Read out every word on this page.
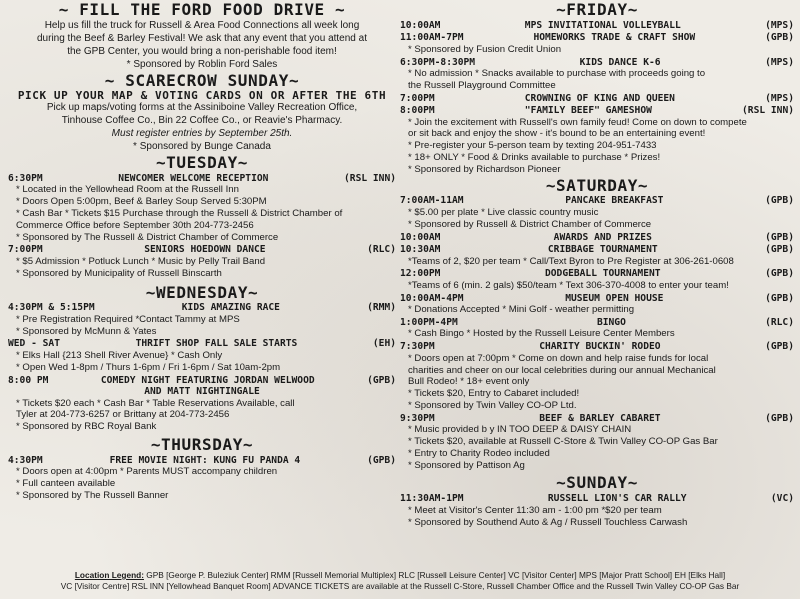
~ FILL THE FORD FOOD DRIVE ~
Help us fill the truck for Russell & Area Food Connections all week long
during the Beef & Barley Festival! We ask that any event that you attend at
the GPB Center, you would bring a non-perishable food item!
* Sponsored by Roblin Ford Sales
~ SCARECROW SUNDAY~
PICK UP YOUR MAP & VOTING CARDS ON OR AFTER THE 6TH
Pick up maps/voting forms at the Assiniboine Valley Recreation Office,
Tinhouse Coffee Co., Bin 22 Coffee Co., or Reavie's Pharmacy.
Must register entries by September 25th.
* Sponsored by Bunge Canada
~TUESDAY~
6:30PM	NEWCOMER WELCOME RECEPTION	(RSL INN)
* Located in the Yellowhead Room at the Russell Inn
* Doors Open 5:00pm, Beef & Barley Soup Served 5:30PM
* Cash Bar * Tickets $15 Purchase through the Russell & District Chamber of
Commerce Office before September 30th 204-773-2456
* Sponsored by The Russell & District Chamber of Commerce
7:00PM	SENIORS HOEDOWN DANCE	(RLC)
* $5 Admission * Potluck Lunch * Music by Pelly Trail Band
* Sponsored by Municipality of Russell Binscarth
~WEDNESDAY~
4:30PM & 5:15PM	KIDS AMAZING RACE	(RMM)
* Pre Registration Required *Contact Tammy at MPS
* Sponsored by McMunn & Yates
WED - SAT	THRIFT SHOP FALL SALE STARTS	(EH)
* Elks Hall {213 Shell River Avenue} * Cash Only
* Open Wed 1-8pm / Thurs 1-6pm / Fri 1-6pm / Sat 10am-2pm
8:00 PM	COMEDY NIGHT FEATURING JORDAN WELWOOD	(GPB)
AND MATT NIGHTINGALE
* Tickets $20 each * Cash Bar * Table Reservations Available, call
Tyler at 204-773-6257 or Brittany at 204-773-2456
* Sponsored by RBC Royal Bank
~THURSDAY~
4:30PM	FREE MOVIE NIGHT: KUNG FU PANDA 4	(GPB)
* Doors open at 4:00pm * Parents MUST accompany children
* Full canteen available
* Sponsored by The Russell Banner
~FRIDAY~
10:00AM	MPS INVITATIONAL VOLLEYBALL	(MPS)
11:00AM-7PM	HOMEWORKS TRADE & CRAFT SHOW	(GPB)
* Sponsored by Fusion Credit Union
6:30PM-8:30PM	KIDS DANCE K-6	(MPS)
* No admission * Snacks available to purchase with proceeds going to
the Russell Playground Committee
7:00PM	CROWNING OF KING AND QUEEN	(MPS)
8:00PM	"FAMILY BEEF" GAMESHOW	(RSL INN)
* Join the excitement with Russell's own family feud! Come on down to compete
or sit back and enjoy the show - it's bound to be an entertaining event!
* Pre-register your 5-person team by texting 204-951-7433
* 18+ ONLY * Food & Drinks available to purchase * Prizes!
* Sponsored by Richardson Pioneer
~SATURDAY~
7:00AM-11AM	PANCAKE BREAKFAST	(GPB)
* $5.00 per plate * Live classic country music
* Sponsored by Russell & District Chamber of Commerce
10:00AM	AWARDS AND PRIZES	(GPB)
10:30AM	CRIBBAGE TOURNAMENT	(GPB)
*Teams of 2, $20 per team * Call/Text Byron to Pre Register at 306-261-0608
12:00PM	DODGEBALL TOURNAMENT	(GPB)
*Teams of 6 (min. 2 gals) $50/team * Text 306-370-4008 to enter your team!
10:00AM-4PM	MUSEUM OPEN HOUSE	(GPB)
* Donations Accepted * Mini Golf - weather permitting
1:00PM-4PM	BINGO	(RLC)
* Cash Bingo * Hosted by the Russell Leisure Center Members
7:30PM	CHARITY BUCKIN' RODEO	(GPB)
* Doors open at 7:00pm * Come on down and help raise funds for local
charities and cheer on our local celebrities during our annual Mechanical
Bull Rodeo! * 18+ event only
* Tickets $20, Entry to Cabaret included!
* Sponsored by Twin Valley CO-OP Ltd.
9:30PM	BEEF & BARLEY CABARET	(GPB)
* Music provided b y IN TOO DEEP & DAISY CHAIN
* Tickets $20, available at Russell C-Store & Twin Valley CO-OP Gas Bar
* Entry to Charity Rodeo included
* Sponsored by Pattison Ag
~SUNDAY~
11:30AM-1PM	RUSSELL LION'S CAR RALLY	(VC)
* Meet at Visitor's Center 11:30 am - 1:00 pm *$20 per team
* Sponsored by Southend Auto & Ag / Russell Touchless Carwash
Location Legend: GPB [George P. Buleziuk Center] RMM [Russell Memorial Multiplex] RLC [Russell Leisure Center] VC [Visitor Center] MPS [Major Pratt School] EH [Elks Hall]
VC [Visitor Centre] RSL INN [Yellowhead Banquet Room] ADVANCE TICKETS are available at the Russell C-Store, Russell Chamber Office and the Russell Twin Valley CO-OP Gas Bar
